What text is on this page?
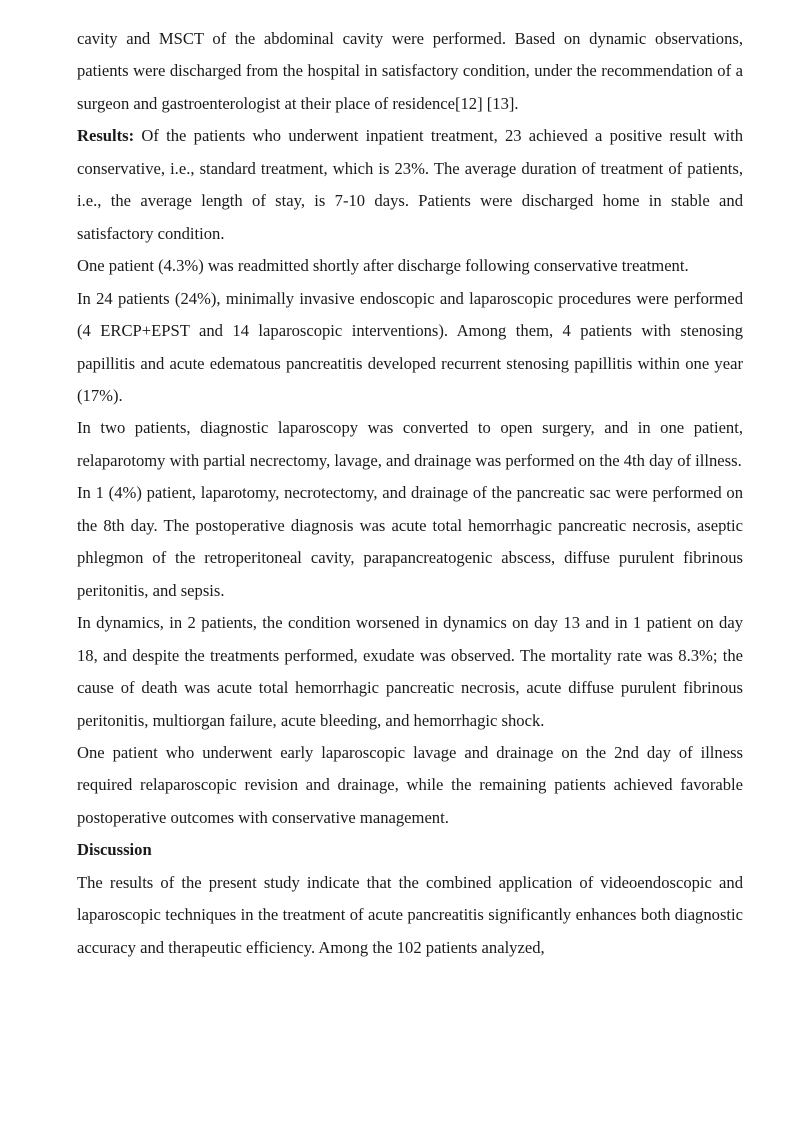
cavity and MSCT of the abdominal cavity were performed. Based on dynamic observations, patients were discharged from the hospital in satisfactory condition, under the recommendation of a surgeon and gastroenterologist at their place of residence[12] [13].

Results: Of the patients who underwent inpatient treatment, 23 achieved a positive result with conservative, i.e., standard treatment, which is 23%. The average duration of treatment of patients, i.e., the average length of stay, is 7-10 days. Patients were discharged home in stable and satisfactory condition.

One patient (4.3%) was readmitted shortly after discharge following conservative treatment.

In 24 patients (24%), minimally invasive endoscopic and laparoscopic procedures were performed (4 ERCP+EPST and 14 laparoscopic interventions). Among them, 4 patients with stenosing papillitis and acute edematous pancreatitis developed recurrent stenosing papillitis within one year (17%).

In two patients, diagnostic laparoscopy was converted to open surgery, and in one patient, relaparotomy with partial necrectomy, lavage, and drainage was performed on the 4th day of illness.

In 1 (4%) patient, laparotomy, necrotectomy, and drainage of the pancreatic sac were performed on the 8th day. The postoperative diagnosis was acute total hemorrhagic pancreatic necrosis, aseptic phlegmon of the retroperitoneal cavity, parapancreatogenic abscess, diffuse purulent fibrinous peritonitis, and sepsis.

In dynamics, in 2 patients, the condition worsened in dynamics on day 13 and in 1 patient on day 18, and despite the treatments performed, exudate was observed. The mortality rate was 8.3%; the cause of death was acute total hemorrhagic pancreatic necrosis, acute diffuse purulent fibrinous peritonitis, multiorgan failure, acute bleeding, and hemorrhagic shock.

One patient who underwent early laparoscopic lavage and drainage on the 2nd day of illness required relaparoscopic revision and drainage, while the remaining patients achieved favorable postoperative outcomes with conservative management.

Discussion

The results of the present study indicate that the combined application of videoendoscopic and laparoscopic techniques in the treatment of acute pancreatitis significantly enhances both diagnostic accuracy and therapeutic efficiency. Among the 102 patients analyzed,
